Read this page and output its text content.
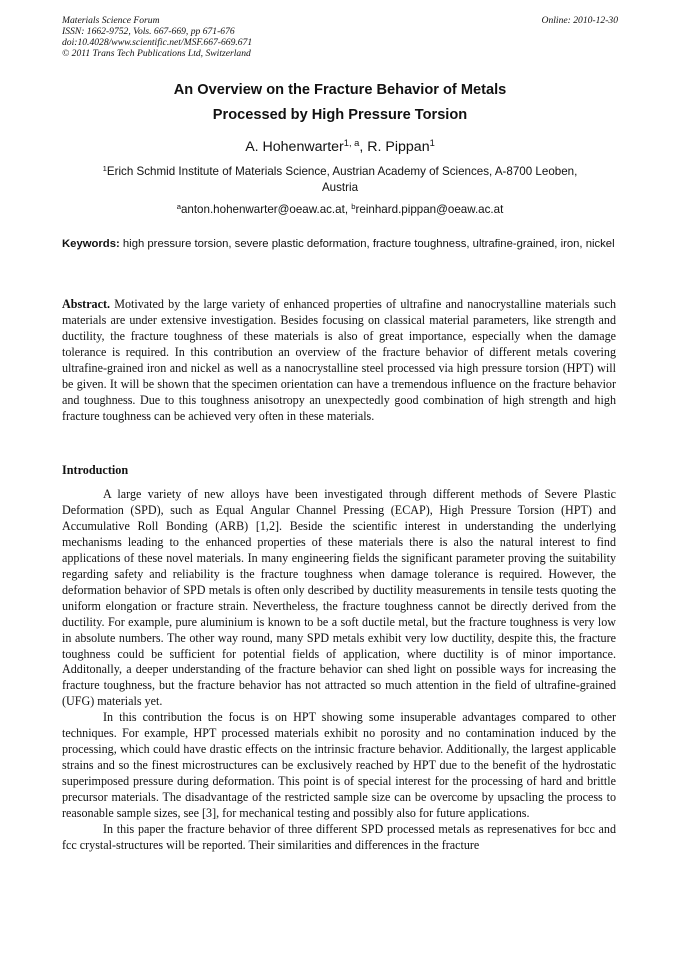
Materials Science Forum
ISSN: 1662-9752, Vols. 667-669, pp 671-676
doi:10.4028/www.scientific.net/MSF.667-669.671
© 2011 Trans Tech Publications Ltd, Switzerland
Online: 2010-12-30
An Overview on the Fracture Behavior of Metals
Processed by High Pressure Torsion
A. Hohenwarter$^{1, a}$, R. Pippan$^1$
$^1$Erich Schmid Institute of Materials Science, Austrian Academy of Sciences, A-8700 Leoben,
Austria
$^a$anton.hohenwarter@oeaw.ac.at, $^b$reinhard.pippan@oeaw.ac.at
Keywords: high pressure torsion, severe plastic deformation, fracture toughness, ultrafine-grained, iron, nickel

Abstract. Motivated by the large variety of enhanced properties of ultrafine and nanocrystalline materials such materials are under extensive investigation. Besides focusing on classical material parameters, like strength and ductility, the fracture toughness of these materials is also of great importance, especially when the damage tolerance is required. In this contribution an overview of the fracture behavior of different metals covering ultrafine-grained iron and nickel as well as a nanocrystalline steel processed via high pressure torsion (HPT) will be given. It will be shown that the specimen orientation can have a tremendous influence on the fracture behavior and toughness. Due to this toughness anisotropy an unexpectedly good combination of high strength and high fracture toughness can be achieved very often in these materials.

Introduction

A large variety of new alloys have been investigated through different methods of Severe Plastic Deformation (SPD), such as Equal Angular Channel Pressing (ECAP), High Pressure Torsion (HPT) and Accumulative Roll Bonding (ARB) [1,2]. Beside the scientific interest in understanding the underlying mechanisms leading to the enhanced properties of these materials there is also the natural interest to find applications of these novel materials. In many engineering fields the significant parameter proving the suitability regarding safety and reliability is the fracture toughness when damage tolerance is required. However, the deformation behavior of SPD metals is often only described by ductility measurements in tensile tests quoting the uniform elongation or fracture strain. Nevertheless, the fracture toughness cannot be directly derived from the ductility. For example, pure aluminium is known to be a soft ductile metal, but the fracture toughness is very low in absolute numbers. The other way round, many SPD metals exhibit very low ductility, despite this, the fracture toughness could be sufficient for potential fields of application, where ductility is of minor importance. Additonally, a deeper understanding of the fracture behavior can shed light on possible ways for increasing the fracture toughness, but the fracture behavior has not attracted so much attention in the field of ultrafine-grained (UFG) materials yet.

In this contribution the focus is on HPT showing some insuperable advantages compared to other techniques. For example, HPT processed materials exhibit no porosity and no contamination induced by the processing, which could have drastic effects on the intrinsic fracture behavior. Additionally, the largest applicable strains and so the finest microstructures can be exclusively reached by HPT due to the benefit of the hydrostatic superimposed pressure during deformation. This point is of special interest for the processing of hard and brittle precursor materials. The disadvantage of the restricted sample size can be overcome by upsacling the process to reasonable sample sizes, see [3], for mechanical testing and possibly also for future applications.

In this paper the fracture behavior of three different SPD processed metals as represenatives for bcc and fcc crystal-structures will be reported. Their similarities and differences in the fracture
